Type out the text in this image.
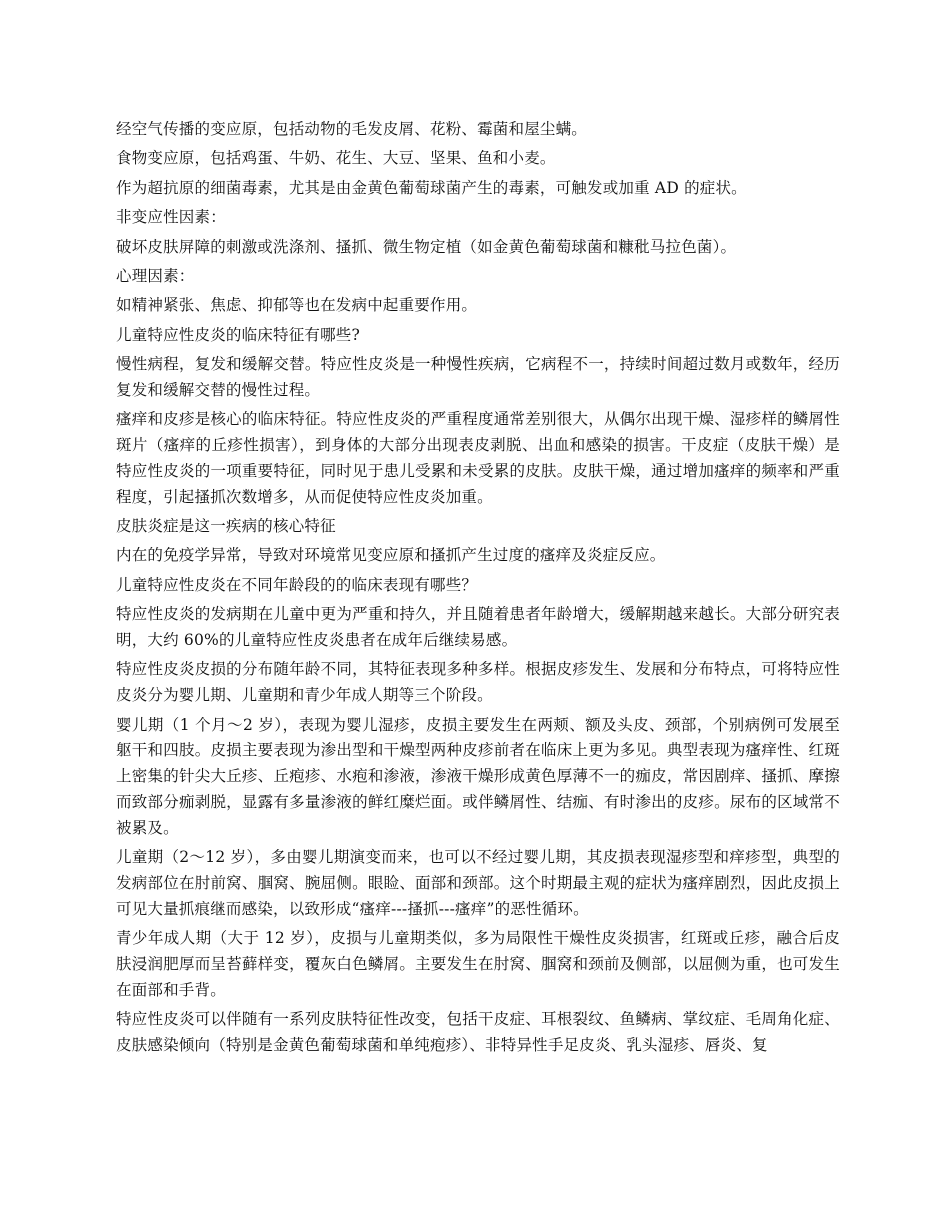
经空气传播的变应原，包括动物的毛发皮屑、花粉、霉菌和屋尘螨。

食物变应原，包括鸡蛋、牛奶、花生、大豆、坚果、鱼和小麦。

作为超抗原的细菌毒素，尤其是由金黄色葡萄球菌产生的毒素，可触发或加重 AD 的症状。

非变应性因素：

破坏皮肤屏障的刺激或洗涤剂、搔抓、微生物定植（如金黄色葡萄球菌和糠秕马拉色菌）。

心理因素：

如精神紧张、焦虑、抑郁等也在发病中起重要作用。

儿童特应性皮炎的临床特征有哪些?

慢性病程，复发和缓解交替。特应性皮炎是一种慢性疾病，它病程不一，持续时间超过数月或数年，经历复发和缓解交替的慢性过程。

瘙痒和皮疹是核心的临床特征。特应性皮炎的严重程度通常差别很大，从偶尔出现干燥、湿疹样的鳞屑性斑片（瘙痒的丘疹性损害），到身体的大部分出现表皮剥脱、出血和感染的损害。干皮症（皮肤干燥）是特应性皮炎的一项重要特征，同时见于患儿受累和未受累的皮肤。皮肤干燥，通过增加瘙痒的频率和严重程度，引起搔抓次数增多，从而促使特应性皮炎加重。

皮肤炎症是这一疾病的核心特征

内在的免疫学异常，导致对环境常见变应原和搔抓产生过度的瘙痒及炎症反应。

儿童特应性皮炎在不同年龄段的的临床表现有哪些？

特应性皮炎的发病期在儿童中更为严重和持久，并且随着患者年龄增大，缓解期越来越长。大部分研究表明，大约 60%的儿童特应性皮炎患者在成年后继续易感。

特应性皮炎皮损的分布随年龄不同，其特征表现多种多样。根据皮疹发生、发展和分布特点，可将特应性皮炎分为婴儿期、儿童期和青少年成人期等三个阶段。

婴儿期（1 个月～2 岁），表现为婴儿湿疹，皮损主要发生在两颊、额及头皮、颈部，个别病例可发展至躯干和四肢。皮损主要表现为渗出型和干燥型两种皮疹前者在临床上更为多见。典型表现为瘙痒性、红斑上密集的针尖大丘疹、丘疱疹、水疱和渗液，渗液干燥形成黄色厚薄不一的痂皮，常因剧痒、搔抓、摩擦而致部分痂剥脱，显露有多量渗液的鲜红糜烂面。或伴鳞屑性、结痂、有时渗出的皮疹。尿布的区域常不被累及。

儿童期（2～12 岁），多由婴儿期演变而来，也可以不经过婴儿期，其皮损表现湿疹型和痒疹型，典型的发病部位在肘前窝、腘窝、腕屈侧。眼睑、面部和颈部。这个时期最主观的症状为瘙痒剧烈，因此皮损上可见大量抓痕继而感染，以致形成“瘙痒---搔抓---瘙痒”的恶性循环。

青少年成人期（大于 12 岁），皮损与儿童期类似，多为局限性干燥性皮炎损害，红斑或丘疹，融合后皮肤浸润肥厚而呈苔藓样变，覆灰白色鳞屑。主要发生在肘窝、腘窝和颈前及侧部，以屈侧为重，也可发生在面部和手背。

特应性皮炎可以伴随有一系列皮肤特征性改变，包括干皮症、耳根裂纹、鱼鳞病、掌纹症、毛周角化症、皮肤感染倾向（特别是金黄色葡萄球菌和单纯疱疹）、非特异性手足皮炎、乳头湿疹、唇炎、复
